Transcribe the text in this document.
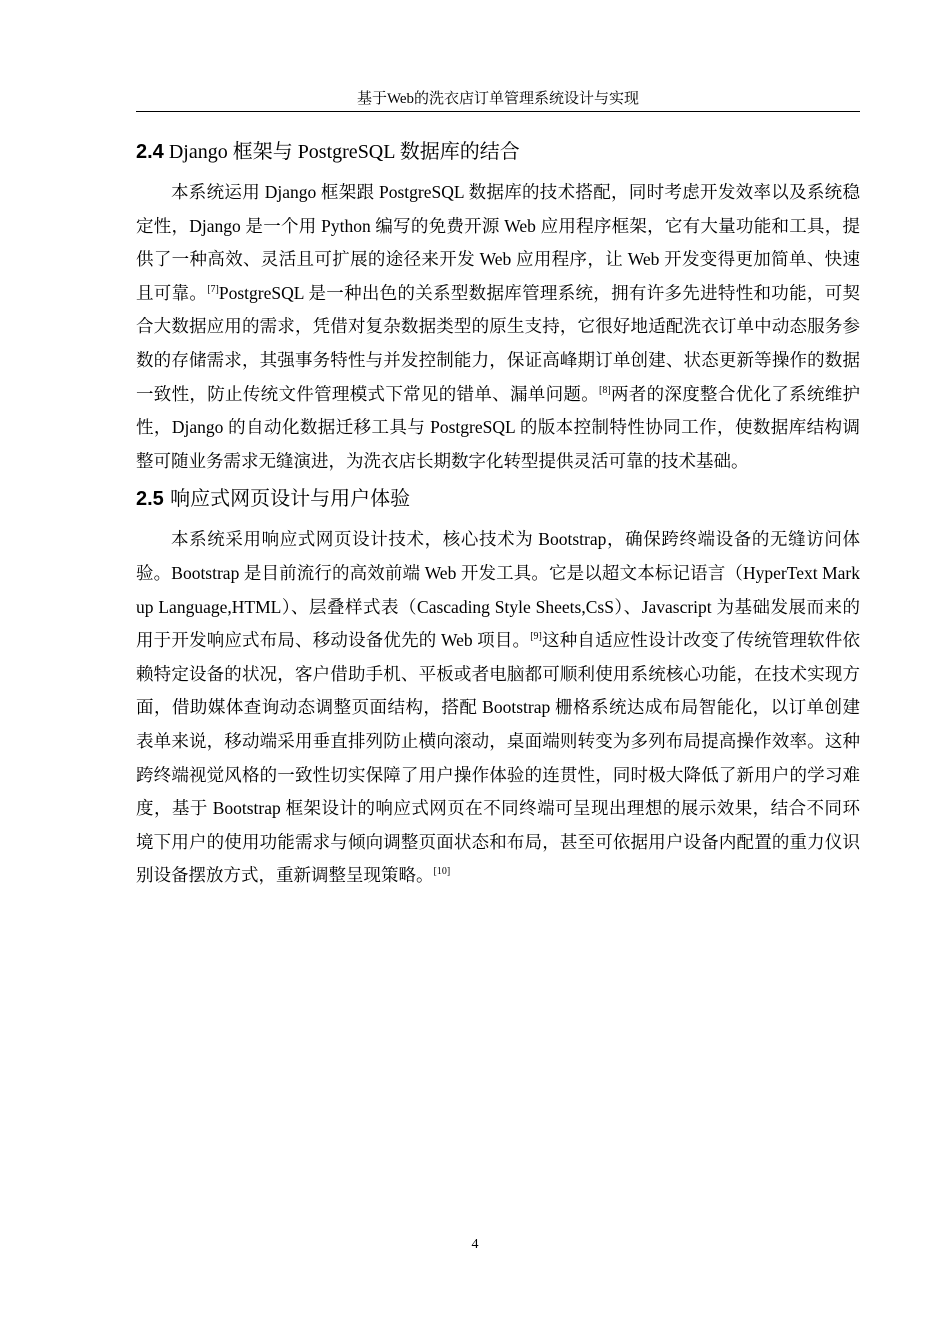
基于Web的洗衣店订单管理系统设计与实现
2.4 Django 框架与 PostgreSQL 数据库的结合

本系统运用 Django 框架跟 PostgreSQL 数据库的技术搭配，同时考虑开发效率以及系统稳定性，Django 是一个用 Python 编写的免费开源 Web 应用程序框架，它有大量功能和工具，提供了一种高效、灵活且可扩展的途径来开发 Web 应用程序，让 Web 开发变得更加简单、快速且可靠。[7]PostgreSQL 是一种出色的关系型数据库管理系统，拥有许多先进特性和功能，可契合大数据应用的需求，凭借对复杂数据类型的原生支持，它很好地适配洗衣订单中动态服务参数的存储需求，其强事务特性与并发控制能力，保证高峰期订单创建、状态更新等操作的数据一致性，防止传统文件管理模式下常见的错单、漏单问题。[8]两者的深度整合优化了系统维护性，Django 的自动化数据迁移工具与 PostgreSQL 的版本控制特性协同工作，使数据库结构调整可随业务需求无缝演进，为洗衣店长期数字化转型提供灵活可靠的技术基础。

2.5 响应式网页设计与用户体验

本系统采用响应式网页设计技术，核心技术为 Bootstrap，确保跨终端设备的无缝访问体验。Bootstrap 是目前流行的高效前端 Web 开发工具。它是以超文本标记语言（HyperText Markup Language,HTML）、层叠样式表（Cascading Style Sheets,CsS）、Javascript 为基础发展而来的用于开发响应式布局、移动设备优先的 Web 项目。[9]这种自适应性设计改变了传统管理软件依赖特定设备的状况，客户借助手机、平板或者电脑都可顺利使用系统核心功能，在技术实现方面，借助媒体查询动态调整页面结构，搭配 Bootstrap 栅格系统达成布局智能化，以订单创建表单来说，移动端采用垂直排列防止横向滚动，桌面端则转变为多列布局提高操作效率。这种跨终端视觉风格的一致性切实保障了用户操作体验的连贯性，同时极大降低了新用户的学习难度，基于 Bootstrap 框架设计的响应式网页在不同终端可呈现出理想的展示效果，结合不同环境下用户的使用功能需求与倾向调整页面状态和布局，甚至可依据用户设备内配置的重力仪识别设备摆放方式，重新调整呈现策略。[10]

4
